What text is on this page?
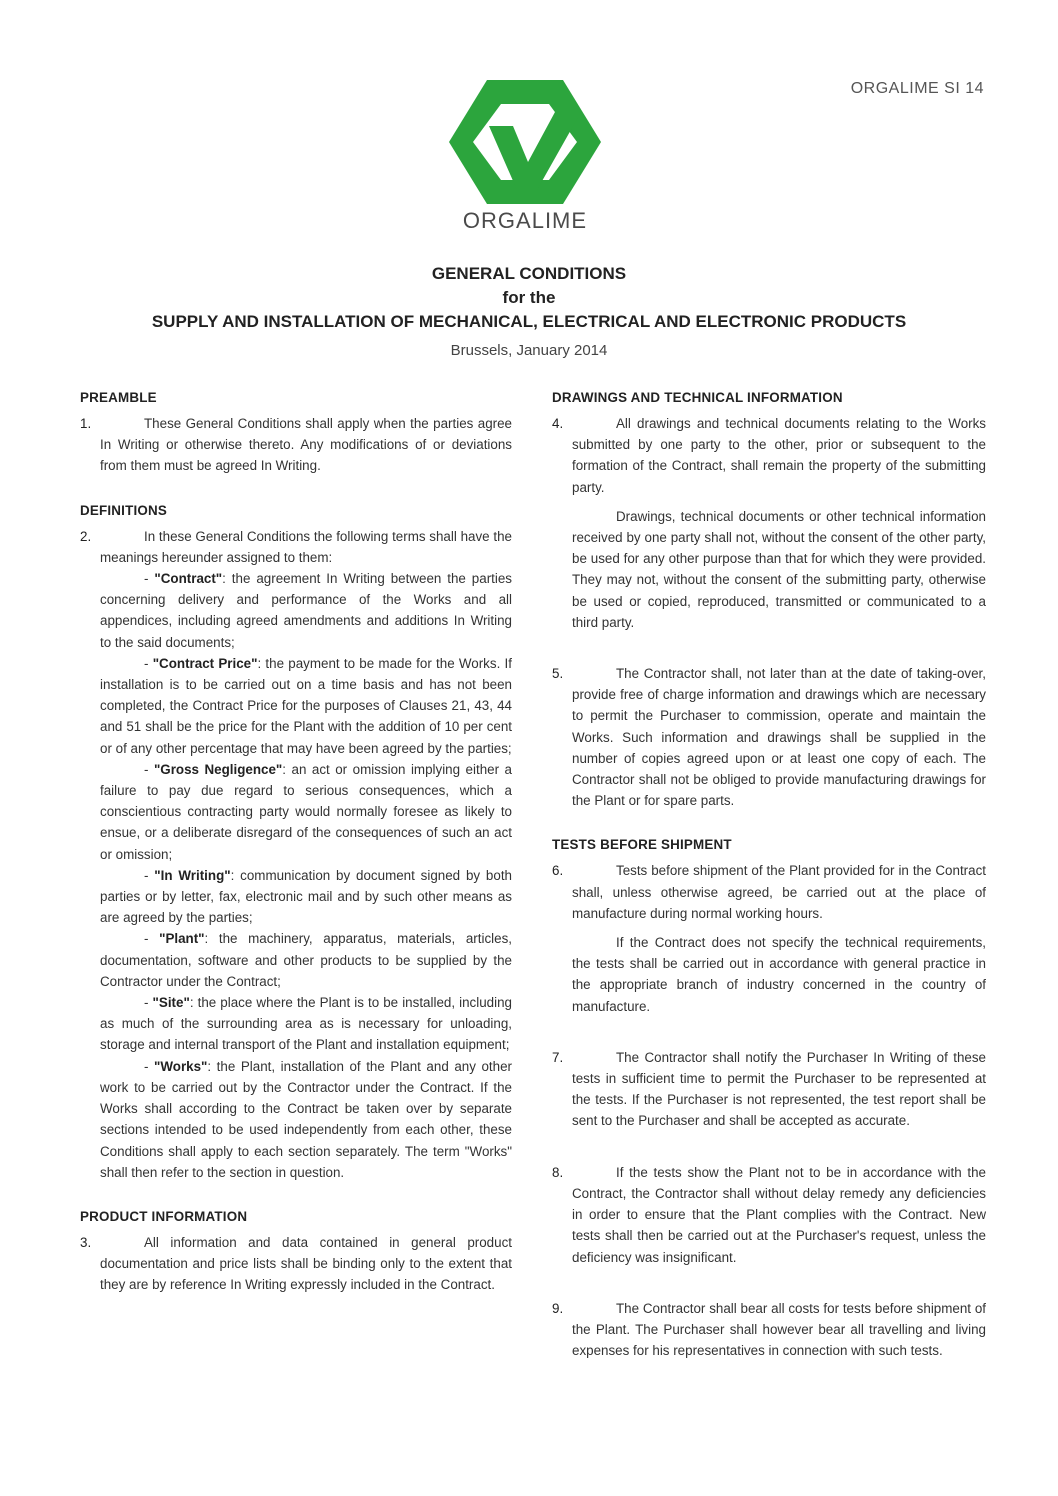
ORGALIME SI 14
ORGALIME
GENERAL CONDITIONS
for the
SUPPLY AND INSTALLATION OF MECHANICAL, ELECTRICAL AND ELECTRONIC PRODUCTS
Brussels, January 2014
PREAMBLE
1.	These General Conditions shall apply when the parties agree In Writing or otherwise thereto. Any modifications of or deviations from them must be agreed In Writing.

DEFINITIONS
2.	In these General Conditions the following terms shall have the meanings hereunder assigned to them:

- "Contract": the agreement In Writing between the parties concerning delivery and performance of the Works and all appendices, including agreed amendments and additions In Writing to the said documents;

- "Contract Price": the payment to be made for the Works. If installation is to be carried out on a time basis and has not been completed, the Contract Price for the purposes of Clauses 21, 43, 44 and 51 shall be the price for the Plant with the addition of 10 per cent or of any other percentage that may have been agreed by the parties;

- "Gross Negligence": an act or omission implying either a failure to pay due regard to serious consequences, which a conscientious contracting party would normally foresee as likely to ensue, or a deliberate disregard of the consequences of such an act or omission;

- "In Writing": communication by document signed by both parties or by letter, fax, electronic mail and by such other means as are agreed by the parties;

- "Plant": the machinery, apparatus, materials, articles, documentation, software and other products to be supplied by the Contractor under the Contract;

- "Site": the place where the Plant is to be installed, including as much of the surrounding area as is necessary for unloading, storage and internal transport of the Plant and installation equipment;

- "Works": the Plant, installation of the Plant and any other work to be carried out by the Contractor under the Contract. If the Works shall according to the Contract be taken over by separate sections intended to be used independently from each other, these Conditions shall apply to each section separately. The term "Works" shall then refer to the section in question.

PRODUCT INFORMATION
3.	All information and data contained in general product documentation and price lists shall be binding only to the extent that they are by reference In Writing expressly included in the Contract.

DRAWINGS AND TECHNICAL INFORMATION
4.	All drawings and technical documents relating to the Works submitted by one party to the other, prior or subsequent to the formation of the Contract, shall remain the property of the submitting party.

Drawings, technical documents or other technical information received by one party shall not, without the consent of the other party, be used for any other purpose than that for which they were provided. They may not, without the consent of the submitting party, otherwise be used or copied, reproduced, transmitted or communicated to a third party.

5.	The Contractor shall, not later than at the date of taking-over, provide free of charge information and drawings which are necessary to permit the Purchaser to commission, operate and maintain the Works. Such information and drawings shall be supplied in the number of copies agreed upon or at least one copy of each. The Contractor shall not be obliged to provide manufacturing drawings for the Plant or for spare parts.

TESTS BEFORE SHIPMENT
6.	Tests before shipment of the Plant provided for in the Contract shall, unless otherwise agreed, be carried out at the place of manufacture during normal working hours.

If the Contract does not specify the technical requirements, the tests shall be carried out in accordance with general practice in the appropriate branch of industry concerned in the country of manufacture.

7.	The Contractor shall notify the Purchaser In Writing of these tests in sufficient time to permit the Purchaser to be represented at the tests. If the Purchaser is not represented, the test report shall be sent to the Purchaser and shall be accepted as accurate.

8.	If the tests show the Plant not to be in accordance with the Contract, the Contractor shall without delay remedy any deficiencies in order to ensure that the Plant complies with the Contract. New tests shall then be carried out at the Purchaser's request, unless the deficiency was insignificant.

9.	The Contractor shall bear all costs for tests before shipment of the Plant. The Purchaser shall however bear all travelling and living expenses for his representatives in connection with such tests.
